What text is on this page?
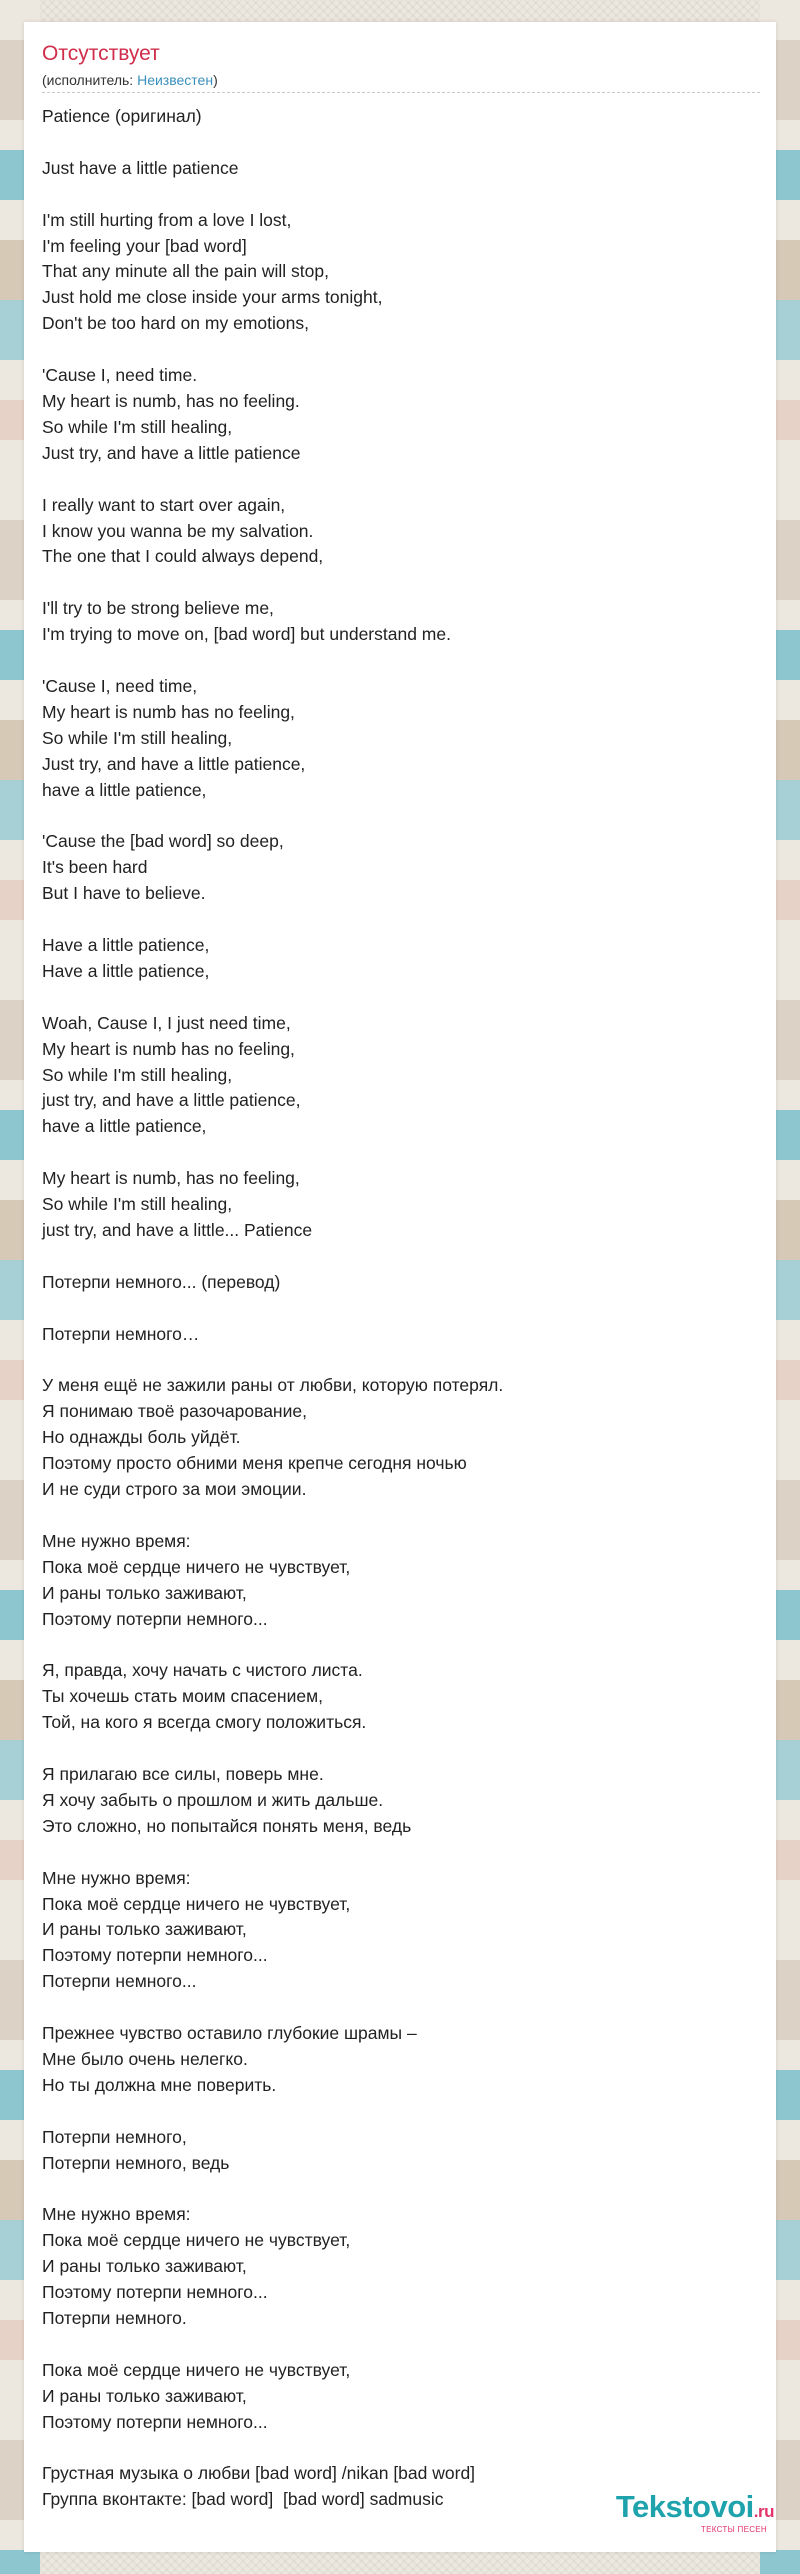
Отсутствует
(исполнитель: Неизвестен)
Patience (оригинал)

Just have a little patience

I'm still hurting from a love I lost,
I'm feeling your [bad word]
That any minute all the pain will stop,
Just hold me close inside your arms tonight,
Don't be too hard on my emotions,

'Cause I, need time.
My heart is numb, has no feeling.
So while I'm still healing,
Just try, and have a little patience

I really want to start over again,
I know you wanna be my salvation.
The one that I could always depend,

I'll try to be strong believe me,
I'm trying to move on, [bad word] but understand me.

'Cause I, need time,
My heart is numb has no feeling,
So while I'm still healing,
Just try, and have a little patience,
have a little patience,

'Cause the [bad word] so deep,
It's been hard
But I have to believe.

Have a little patience,
Have a little patience,

Woah, Cause I, I just need time,
My heart is numb has no feeling,
So while I'm still healing,
just try, and have a little patience,
have a little patience,

My heart is numb, has no feeling,
So while I'm still healing,
just try, and have a little... Patience

Потерпи немного... (перевод)

Потерпи немного…

У меня ещё не зажили раны от любви, которую потерял.
Я понимаю твоё разочарование,
Но однажды боль уйдёт.
Поэтому просто обними меня крепче сегодня ночью
И не суди строго за мои эмоции.

Мне нужно время:
Пока моё сердце ничего не чувствует,
И раны только заживают,
Поэтому потерпи немного...

Я, правда, хочу начать с чистого листа.
Ты хочешь стать моим спасением,
Той, на кого я всегда смогу положиться.

Я прилагаю все силы, поверь мне.
Я хочу забыть о прошлом и жить дальше.
Это сложно, но попытайся понять меня, ведь

Мне нужно время:
Пока моё сердце ничего не чувствует,
И раны только заживают,
Поэтому потерпи немного...
Потерпи немного...

Прежнее чувство оставило глубокие шрамы –
Мне было очень нелегко.
Но ты должна мне поверить.

Потерпи немного,
Потерпи немного, ведь

Мне нужно время:
Пока моё сердце ничего не чувствует,
И раны только заживают,
Поэтому потерпи немного...
Потерпи немного.

Пока моё сердце ничего не чувствует,
И раны только заживают,
Поэтому потерпи немного...

Грустная музыка о любви [bad word] /nikan [bad word]
Группа вконтакте: [bad word]  [bad word] sadmusic	Tekstovoi.ru
ТЕКСТЫ ПЕСЕН
